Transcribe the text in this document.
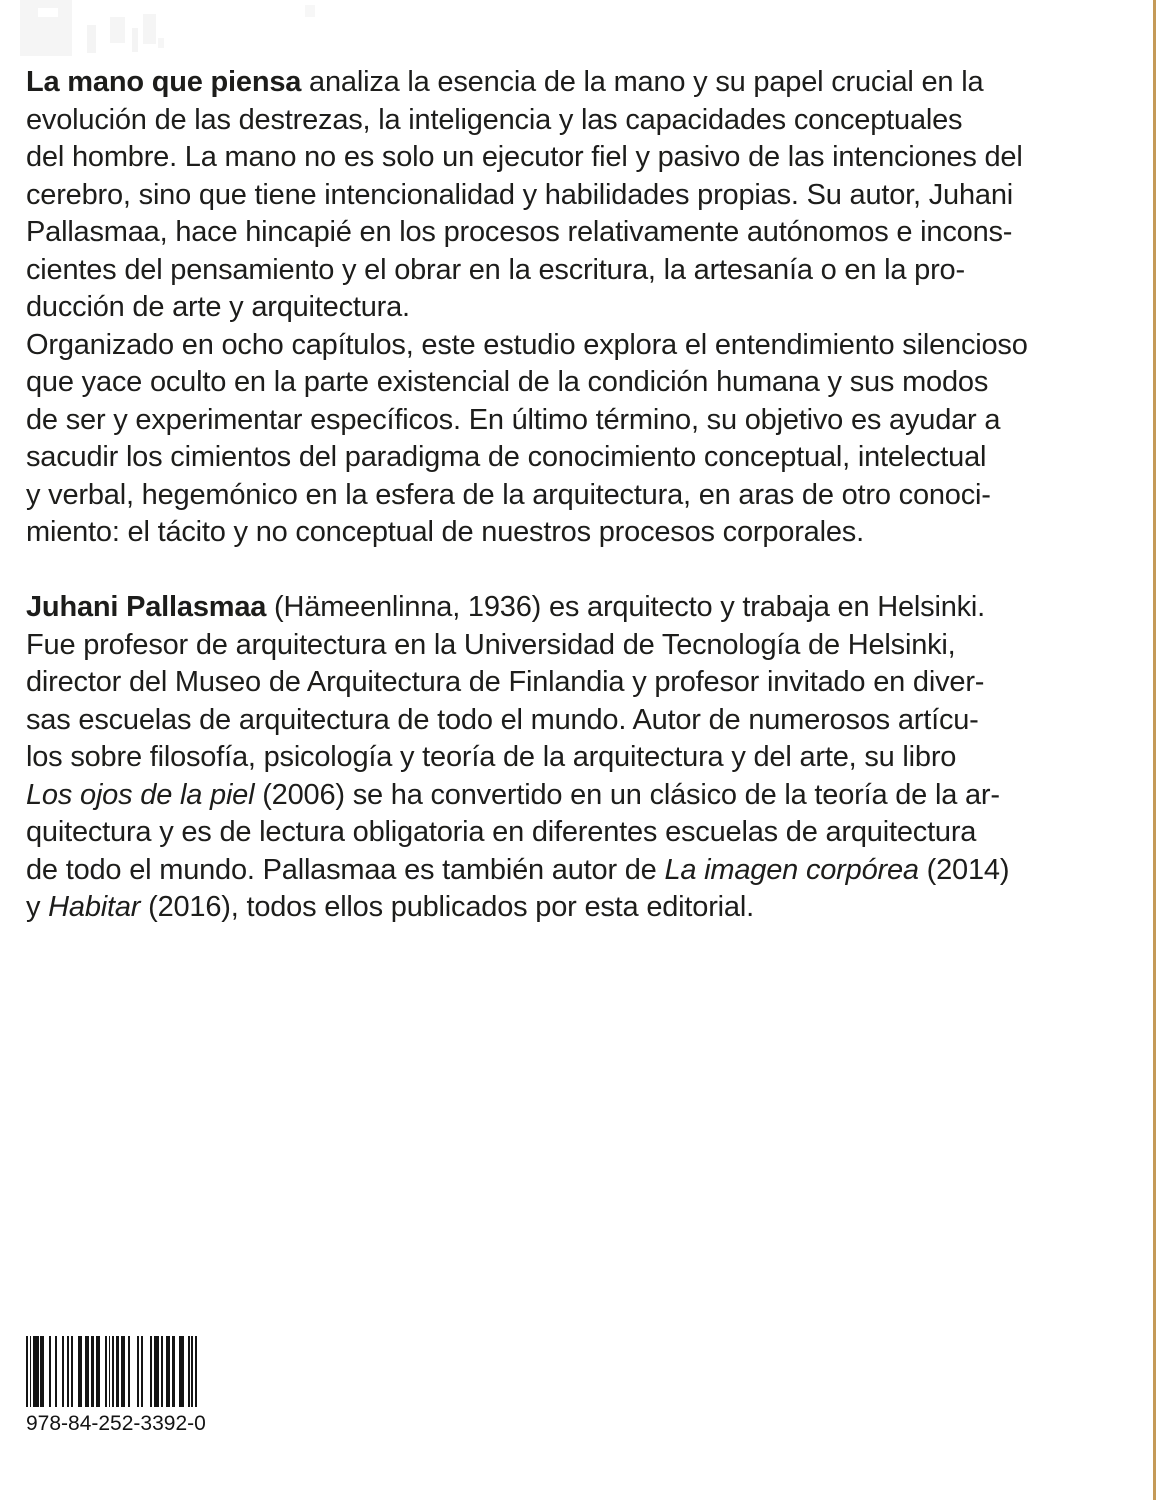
La mano que piensa analiza la esencia de la mano y su papel crucial en la
evolución de las destrezas, la inteligencia y las capacidades conceptuales
del hombre. La mano no es solo un ejecutor fiel y pasivo de las intenciones del
cerebro, sino que tiene intencionalidad y habilidades propias. Su autor, Juhani
Pallasmaa, hace hincapié en los procesos relativamente autónomos e incons-
cientes del pensamiento y el obrar en la escritura, la artesanía o en la pro-
ducción de arte y arquitectura.
Organizado en ocho capítulos, este estudio explora el entendimiento silencioso
que yace oculto en la parte existencial de la condición humana y sus modos
de ser y experimentar específicos. En último término, su objetivo es ayudar a
sacudir los cimientos del paradigma de conocimiento conceptual, intelectual
y verbal, hegemónico en la esfera de la arquitectura, en aras de otro conoci-
miento: el tácito y no conceptual de nuestros procesos corporales.
Juhani Pallasmaa (Hämeenlinna, 1936) es arquitecto y trabaja en Helsinki.
Fue profesor de arquitectura en la Universidad de Tecnología de Helsinki,
director del Museo de Arquitectura de Finlandia y profesor invitado en diver-
sas escuelas de arquitectura de todo el mundo. Autor de numerosos artícu-
los sobre filosofía, psicología y teoría de la arquitectura y del arte, su libro
Los ojos de la piel (2006) se ha convertido en un clásico de la teoría de la ar-
quitectura y es de lectura obligatoria en diferentes escuelas de arquitectura
de todo el mundo. Pallasmaa es también autor de La imagen corpórea (2014)
y Habitar (2016), todos ellos publicados por esta editorial.
978-84-252-3392-0
